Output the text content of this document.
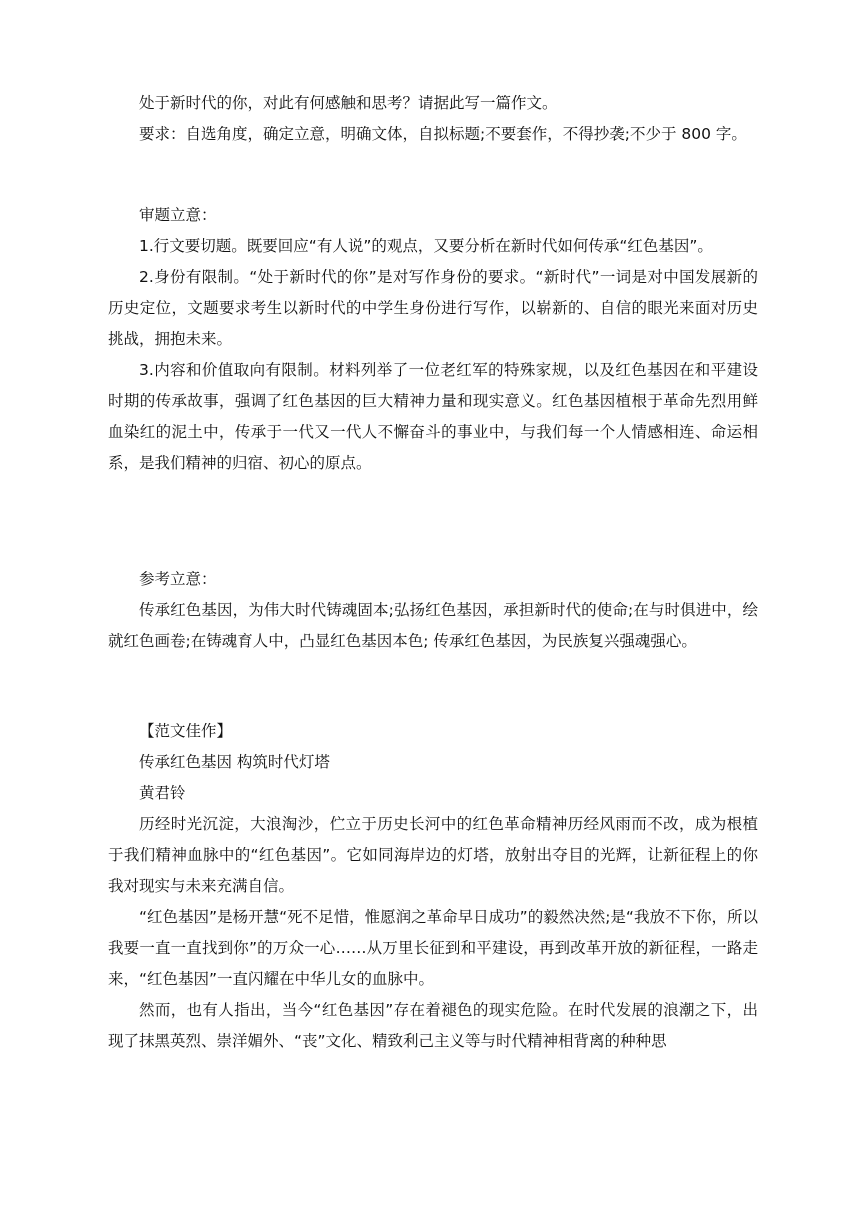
处于新时代的你，对此有何感触和思考？请据此写一篇作文。

要求：自选角度，确定立意，明确文体，自拟标题;不要套作，不得抄袭;不少于 800 字。

审题立意：

1.行文要切题。既要回应“有人说”的观点，又要分析在新时代如何传承“红色基因”。

2.身份有限制。“处于新时代的你”是对写作身份的要求。“新时代”一词是对中国发展新的历史定位，文题要求考生以新时代的中学生身份进行写作，以崭新的、自信的眼光来面对历史挑战，拥抱未来。

3.内容和价值取向有限制。材料列举了一位老红军的特殊家规，以及红色基因在和平建设时期的传承故事，强调了红色基因的巨大精神力量和现实意义。红色基因植根于革命先烈用鲜血染红的泥土中，传承于一代又一代人不懈奋斗的事业中，与我们每一个人情感相连、命运相系，是我们精神的归宿、初心的原点。

参考立意：

传承红色基因，为伟大时代铸魂固本;弘扬红色基因，承担新时代的使命;在与时俱进中，绘就红色画卷;在铸魂育人中，凸显红色基因本色; 传承红色基因，为民族复兴强魂强心。

【范文佳作】

传承红色基因 构筑时代灯塔

黄君铃

历经时光沉淀，大浪淘沙，伫立于历史长河中的红色革命精神历经风雨而不改，成为根植于我们精神血脉中的“红色基因”。它如同海岸边的灯塔，放射出夺目的光辉，让新征程上的你我对现实与未来充满自信。

“红色基因”是杨开慧“死不足惜，惟愿润之革命早日成功”的毅然决然;是“我放不下你，所以我要一直一直找到你”的万众一心……从万里长征到和平建设，再到改革开放的新征程，一路走来，“红色基因”一直闪耀在中华儿女的血脉中。

然而，也有人指出，当今“红色基因”存在着褪色的现实危险。在时代发展的浪潮之下，出现了抹黑英烈、崇洋媚外、“丧”文化、精致利己主义等与时代精神相背离的种种思
